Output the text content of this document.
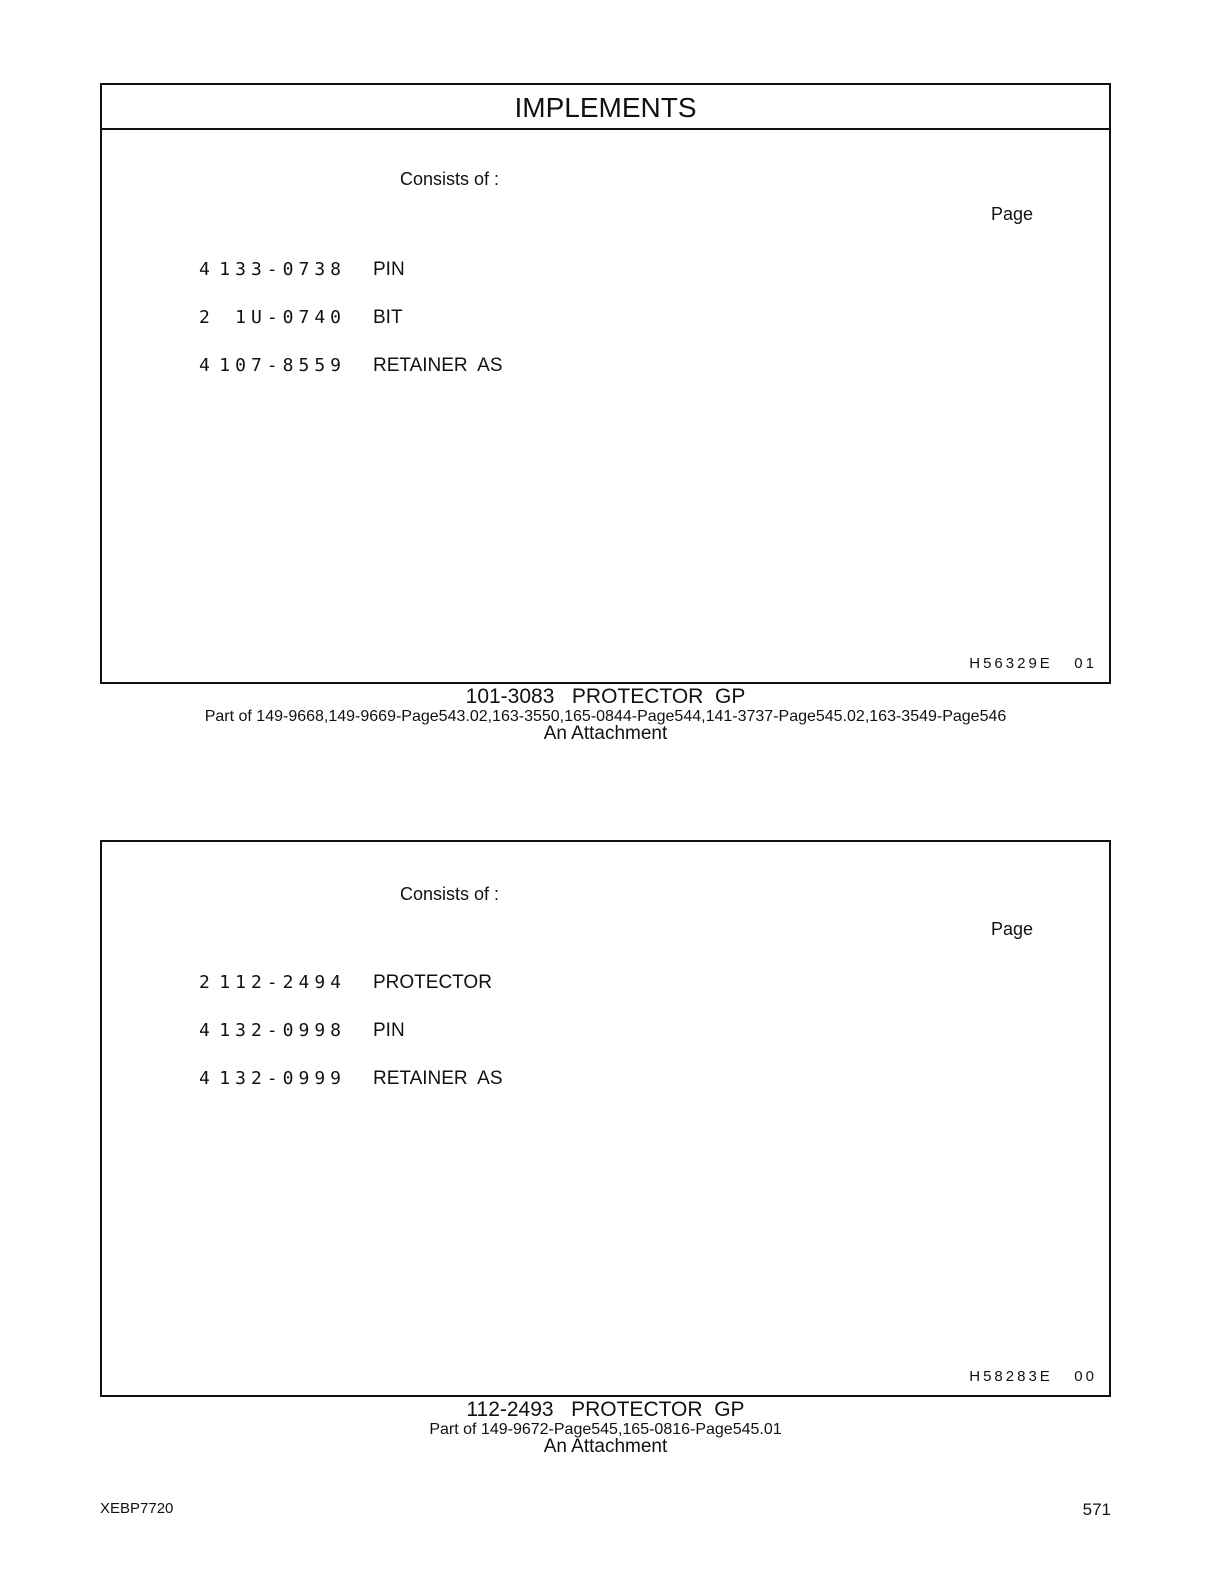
IMPLEMENTS
Consists of :
Page
4 133-0738 PIN
2 1U-0740 BIT
4 107-8559 RETAINER  AS
H56329E   01
101-3083   PROTECTOR  GP
Part of 149-9668,149-9669-Page543.02,163-3550,165-0844-Page544,141-3737-Page545.02,163-3549-Page546
An Attachment
Consists of :
Page
2 112-2494 PROTECTOR
4 132-0998 PIN
4 132-0999 RETAINER  AS
H58283E   00
112-2493   PROTECTOR  GP
Part of 149-9672-Page545,165-0816-Page545.01
An Attachment
XEBP7720	571
